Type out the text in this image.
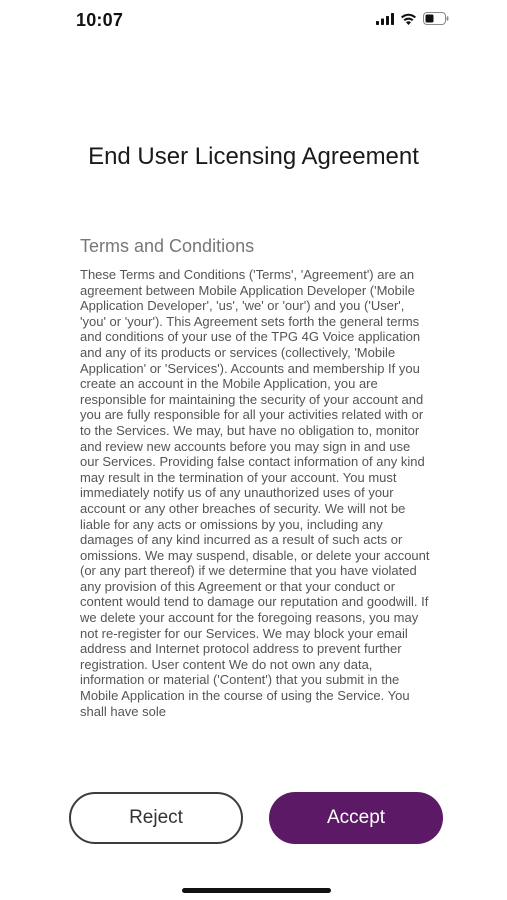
10:07
End User Licensing Agreement
Terms and Conditions

These Terms and Conditions ('Terms', 'Agreement') are an agreement between Mobile Application Developer ('Mobile Application Developer', 'us', 'we' or 'our') and you ('User', 'you' or 'your'). This Agreement sets forth the general terms and conditions of your use of the TPG 4G Voice application and any of its products or services (collectively, 'Mobile Application' or 'Services'). Accounts and membership If you create an account in the Mobile Application, you are responsible for maintaining the security of your account and you are fully responsible for all your activities related with or to the Services. We may, but have no obligation to, monitor and review new accounts before you may sign in and use our Services. Providing false contact information of any kind may result in the termination of your account. You must immediately notify us of any unauthorized uses of your account or any other breaches of security. We will not be liable for any acts or omissions by you, including any damages of any kind incurred as a result of such acts or omissions. We may suspend, disable, or delete your account (or any part thereof) if we determine that you have violated any provision of this Agreement or that your conduct or content would tend to damage our reputation and goodwill. If we delete your account for the foregoing reasons, you may not re-register for our Services. We may block your email address and Internet protocol address to prevent further registration. User content We do not own any data, information or material ('Content') that you submit in the Mobile Application in the course of using the Service. You shall have sole

Reject	Accept
